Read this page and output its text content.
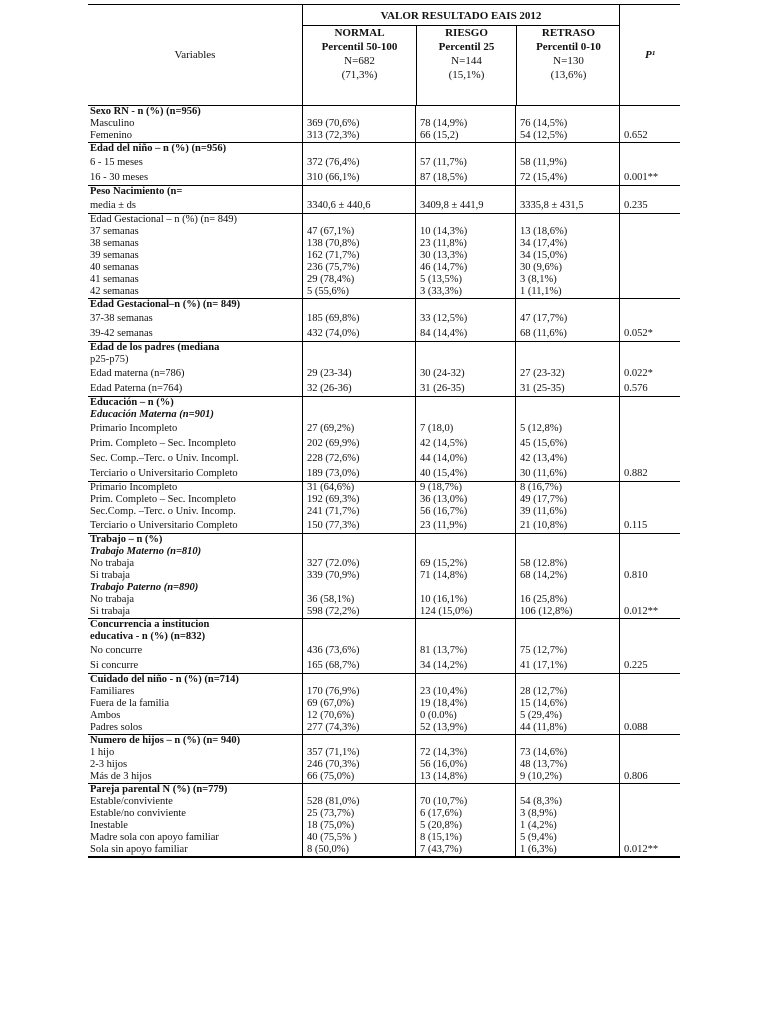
Variables
VALOR RESULTADO EAIS 2012
NORMAL
Percentil 50-100
N=682
(71,3%)
RIESGO
Percentil 25
N=144
(15,1%)
RETRASO
Percentil 0-10
N=130
(13,6%)
P¹
Sexo RN - n (%) (n=956)
Masculino	369 (70,6%)	78 (14,9%)	76 (14,5%)
Femenino	313 (72,3%)	66 (15,2)	54 (12,5%)	0.652
Edad del niño – n (%) (n=956)
6 - 15 meses	372 (76,4%)	57 (11,7%)	58 (11,9%)
16 - 30 meses	310 (66,1%)	87 (18,5%)	72 (15,4%)	0.001**
Peso Nacimiento (n=
media ± ds	3340,6 ± 440,6	3409,8 ± 441,9	3335,8 ± 431,5	0.235
Edad Gestacional – n (%) (n= 849)
37 semanas	47 (67,1%)	10 (14,3%)	13 (18,6%)
38 semanas	138 (70,8%)	23 (11,8%)	34 (17,4%)
39 semanas	162 (71,7%)	30 (13,3%)	34 (15,0%)
40 semanas	236 (75,7%)	46 (14,7%)	30 (9,6%)
41 semanas	29 (78,4%)	5 (13,5%)	3 (8,1%)
42 semanas	5 (55,6%)	3 (33,3%)	1 (11,1%)
Edad Gestacional–n (%) (n= 849)
37-38 semanas	185 (69,8%)	33 (12,5%)	47 (17,7%)
39-42 semanas	432 (74,0%)	84 (14,4%)	68 (11,6%)	0.052*
Edad de los padres (mediana
p25-p75)
Edad materna (n=786)	29 (23-34)	30 (24-32)	27 (23-32)	0.022*
Edad Paterna (n=764)	32 (26-36)	31 (26-35)	31 (25-35)	0.576
Educación – n (%)
Educación Materna (n=901)
Primario Incompleto	27 (69,2%)	7 (18,0)	5 (12,8%)
Prim. Completo – Sec. Incompleto	202 (69,9%)	42 (14,5%)	45 (15,6%)
Sec. Comp.–Terc. o Univ. Incompl.	228 (72,6%)	44 (14,0%)	42 (13,4%)
Terciario o Universitario Completo	189 (73,0%)	40 (15,4%)	30 (11,6%)	0.882
Primario Incompleto	31 (64,6%)	9 (18,7%)	8 (16,7%)
Prim. Completo – Sec. Incompleto	192 (69,3%)	36 (13,0%)	49 (17,7%)
Sec.Comp. –Terc. o Univ. Incomp.	241 (71,7%)	56 (16,7%)	39 (11,6%)
Terciario o Universitario Completo	150 (77,3%)	23 (11,9%)	21 (10,8%)	0.115
Trabajo – n (%)
Trabajo Materno (n=810)
No trabaja	327 (72.0%)	69 (15,2%)	58 (12.8%)
Si trabaja	339 (70,9%)	71 (14,8%)	68 (14,2%)	0.810
Trabajo Paterno (n=890)
No trabaja	36 (58,1%)	10 (16,1%)	16 (25,8%)
Si trabaja	598 (72,2%)	124 (15,0%)	106 (12,8%)	0.012**
Concurrencia a institucion
educativa - n (%) (n=832)
No concurre	436 (73,6%)	81 (13,7%)	75 (12,7%)
Si concurre	165 (68,7%)	34 (14,2%)	41 (17,1%)	0.225
Cuidado del niño - n (%) (n=714)
Familiares	170 (76,9%)	23 (10,4%)	28 (12,7%)
Fuera de la familia	69 (67,0%)	19 (18,4%)	15 (14,6%)
Ambos	12 (70,6%)	0 (0.0%)	5 (29,4%)
Padres solos	277 (74,3%)	52 (13,9%)	44 (11,8%)	0.088
Numero de hijos – n (%) (n= 940)
1 hijo	357 (71,1%)	72 (14,3%)	73 (14,6%)
2-3 hijos	246 (70,3%)	56 (16,0%)	48 (13,7%)
Más de 3 hijos	66 (75,0%)	13 (14,8%)	9 (10,2%)	0.806
Pareja parental N (%) (n=779)
Estable/conviviente	528 (81,0%)	70 (10,7%)	54 (8,3%)
Estable/no conviviente	25 (73,7%)	6 (17,6%)	3 (8,9%)
Inestable	18 (75,0%)	5 (20,8%)	1 (4,2%)
Madre sola con apoyo familiar	40 (75,5% )	8 (15,1%)	5 (9,4%)
Sola sin apoyo familiar	8 (50,0%)	7 (43,7%)	1 (6,3%)	0.012**
